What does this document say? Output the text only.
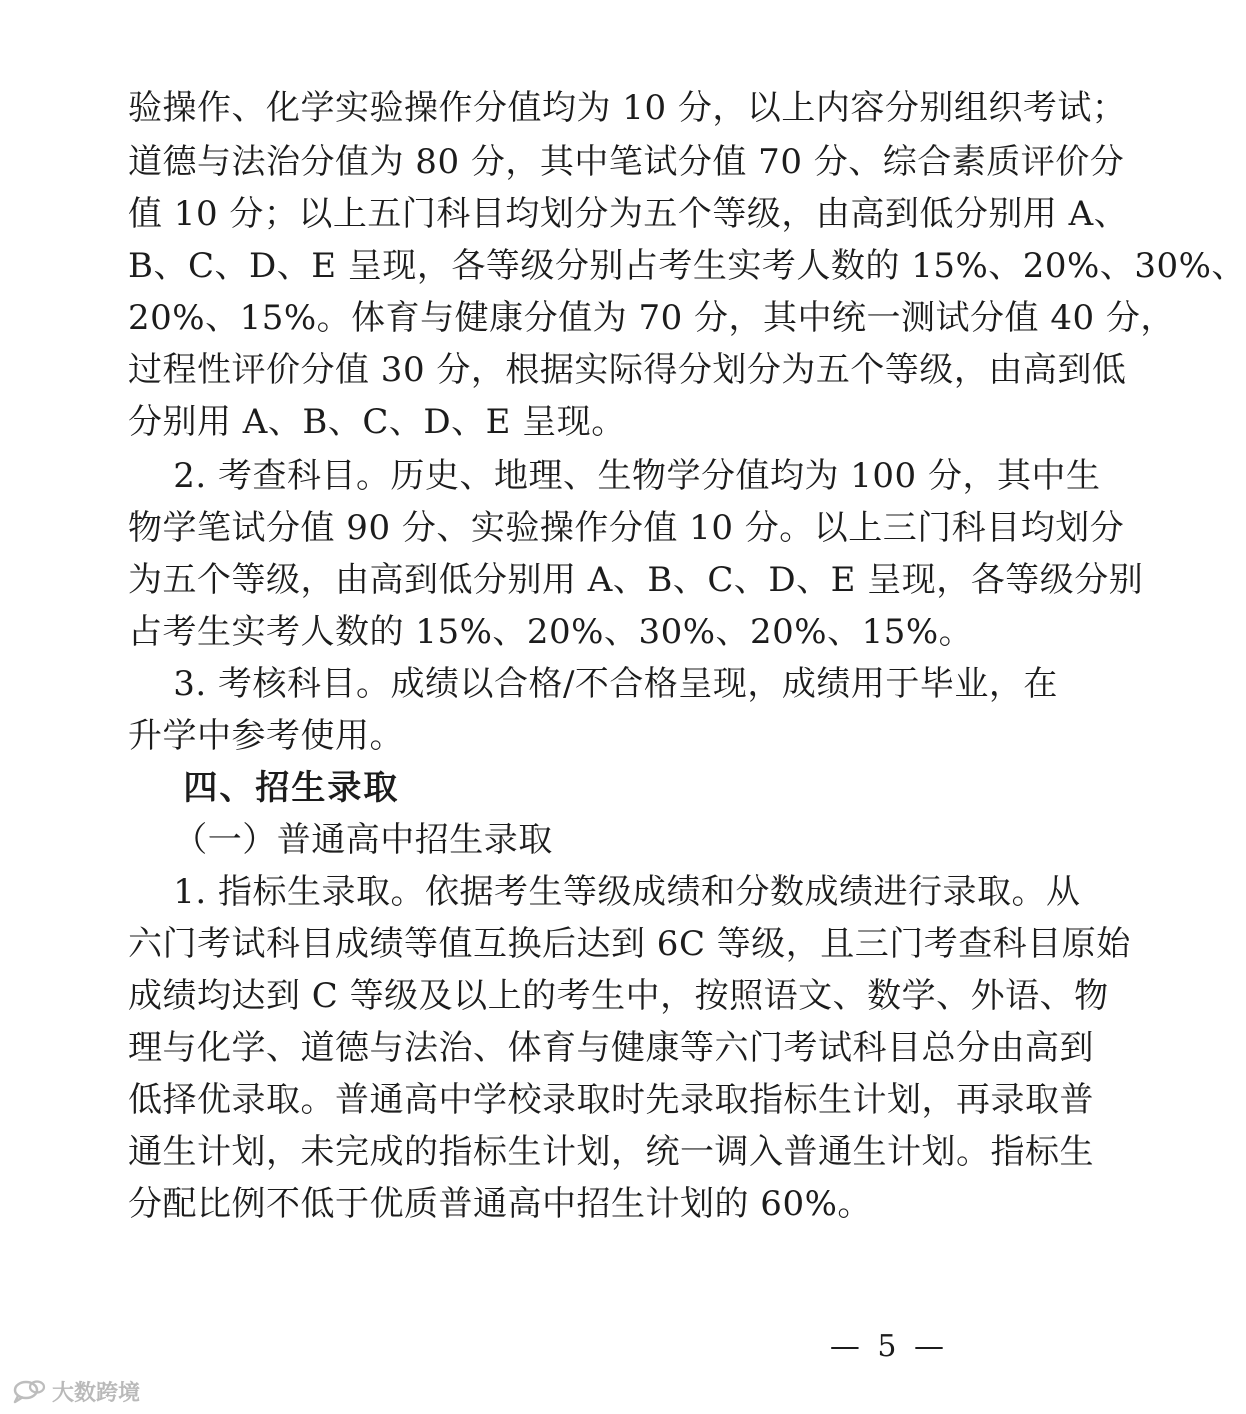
验操作、化学实验操作分值均为 10 分，以上内容分别组织考试；
道德与法治分值为 80 分，其中笔试分值 70 分、综合素质评价分
值 10 分；以上五门科目均划分为五个等级，由高到低分别用 A、
B、C、D、E 呈现，各等级分别占考生实考人数的 15%、20%、30%、
20%、15%。体育与健康分值为 70 分，其中统一测试分值 40 分，
过程性评价分值 30 分，根据实际得分划分为五个等级，由高到低
分别用 A、B、C、D、E 呈现。
2. 考查科目。历史、地理、生物学分值均为 100 分，其中生
物学笔试分值 90 分、实验操作分值 10 分。以上三门科目均划分
为五个等级，由高到低分别用 A、B、C、D、E 呈现，各等级分别
占考生实考人数的 15%、20%、30%、20%、15%。
3. 考核科目。成绩以合格/不合格呈现，成绩用于毕业，在
升学中参考使用。
四、招生录取
（一）普通高中招生录取
1. 指标生录取。依据考生等级成绩和分数成绩进行录取。从
六门考试科目成绩等值互换后达到 6C 等级，且三门考查科目原始
成绩均达到 C 等级及以上的考生中，按照语文、数学、外语、物
理与化学、道德与法治、体育与健康等六门考试科目总分由高到
低择优录取。普通高中学校录取时先录取指标生计划，再录取普
通生计划，未完成的指标生计划，统一调入普通生计划。指标生
分配比例不低于优质普通高中招生计划的 60%。
— 5 —
大数跨境
